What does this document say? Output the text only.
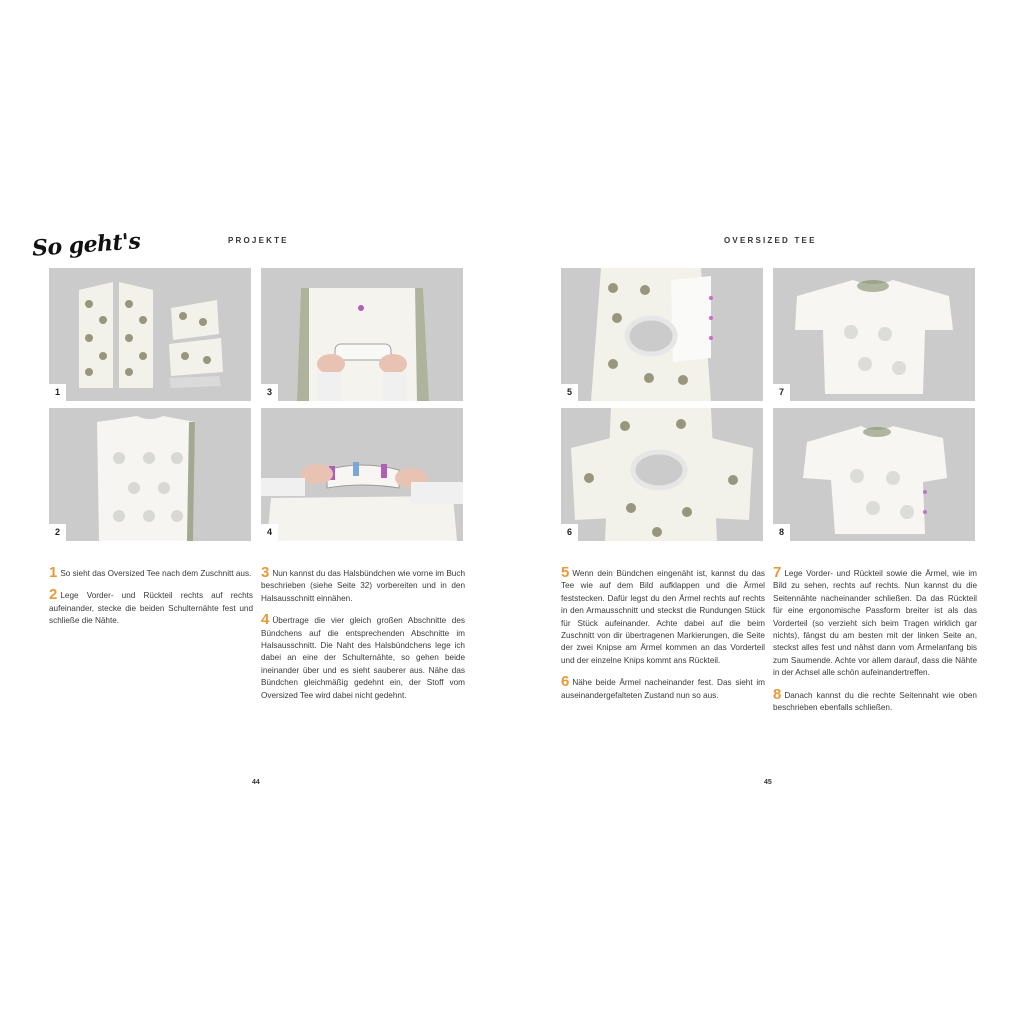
So geht's	PROJEKTE
1	3
2	4

1 So sieht das Oversized Tee nach dem Zuschnitt aus.

2 Lege Vorder- und Rückteil rechts auf rechts aufeinander, stecke die beiden Schulternähte fest und schließe die Nähte.

3 Nun kannst du das Halsbündchen wie vorne im Buch beschrieben (siehe Seite 32) vorbereiten und in den Halsausschnitt einnähen.

4 Übertrage die vier gleich großen Abschnitte des Bündchens auf die entsprechenden Abschnitte im Halsausschnitt. Die Naht des Halsbündchens lege ich dabei an eine der Schulternähte, so gehen beide ineinander über und es sieht sauberer aus. Nähe das Bündchen gleichmäßig gedehnt ein, der Stoff vom Oversized Tee wird dabei nicht gedehnt.

44
OVERSIZED TEE
5	7
6	8

5 Wenn dein Bündchen eingenäht ist, kannst du das Tee wie auf dem Bild aufklappen und die Ärmel feststecken. Dafür legst du den Ärmel rechts auf rechts in den Armausschnitt und steckst die Rundungen Stück für Stück aufeinander. Achte dabei auf die beim Zuschnitt von dir übertragenen Markierungen, die Seite der zwei Knipse am Ärmel kommen an das Vorderteil und der einzelne Knips kommt ans Rückteil.

6 Nähe beide Ärmel nacheinander fest. Das sieht im auseinandergefalteten Zustand nun so aus.

7 Lege Vorder- und Rückteil sowie die Ärmel, wie im Bild zu sehen, rechts auf rechts. Nun kannst du die Seitennähte nacheinander schließen. Da das Rückteil für eine ergonomische Passform breiter ist als das Vorderteil (so verzieht sich beim Tragen wirklich gar nichts), fängst du am besten mit der linken Seite an, steckst alles fest und nähst dann vom Ärmelanfang bis zum Saumende. Achte vor allem darauf, dass die Nähte in der Achsel alle schön aufeinandertreffen.

8 Danach kannst du die rechte Seitennaht wie oben beschrieben ebenfalls schließen.

45
